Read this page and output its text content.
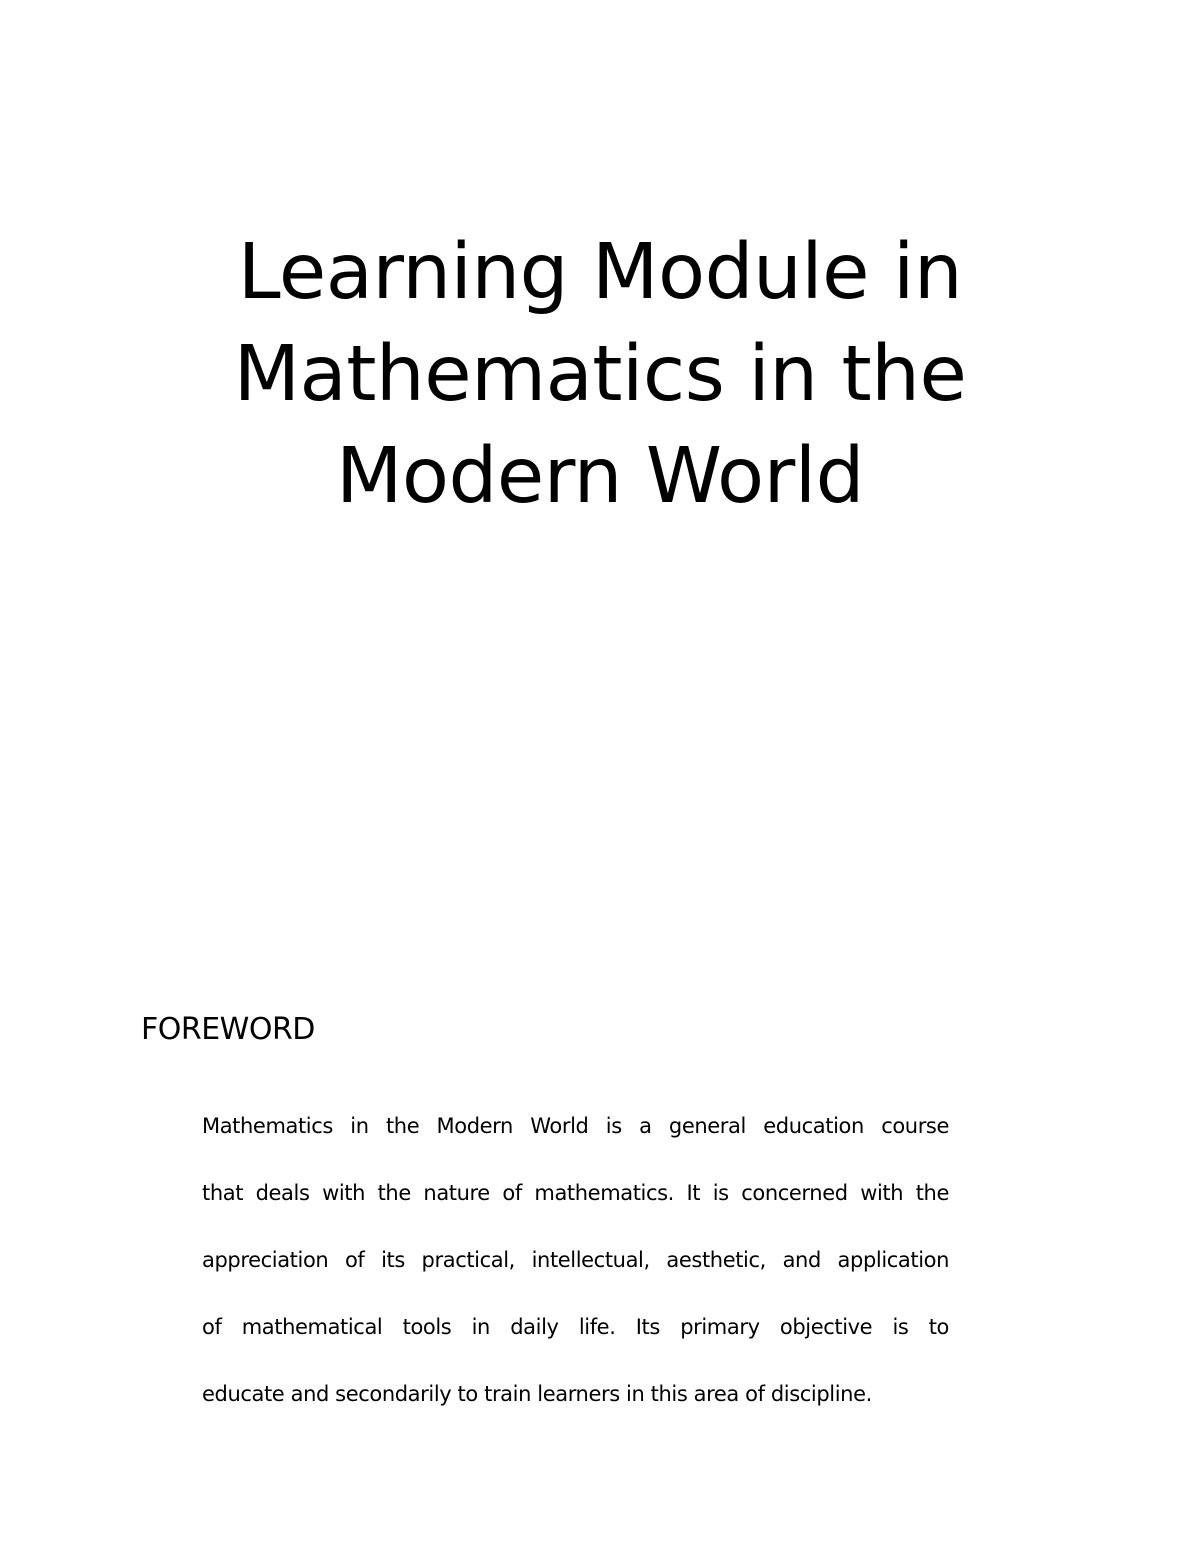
Learning Module in
Mathematics in the
Modern World
FOREWORD
Mathematics in the Modern World is a general education course
that deals with the nature of mathematics. It is concerned with the
appreciation of its practical, intellectual, aesthetic, and application
of mathematical tools in daily life. Its primary objective is to
educate and secondarily to train learners in this area of discipline.
